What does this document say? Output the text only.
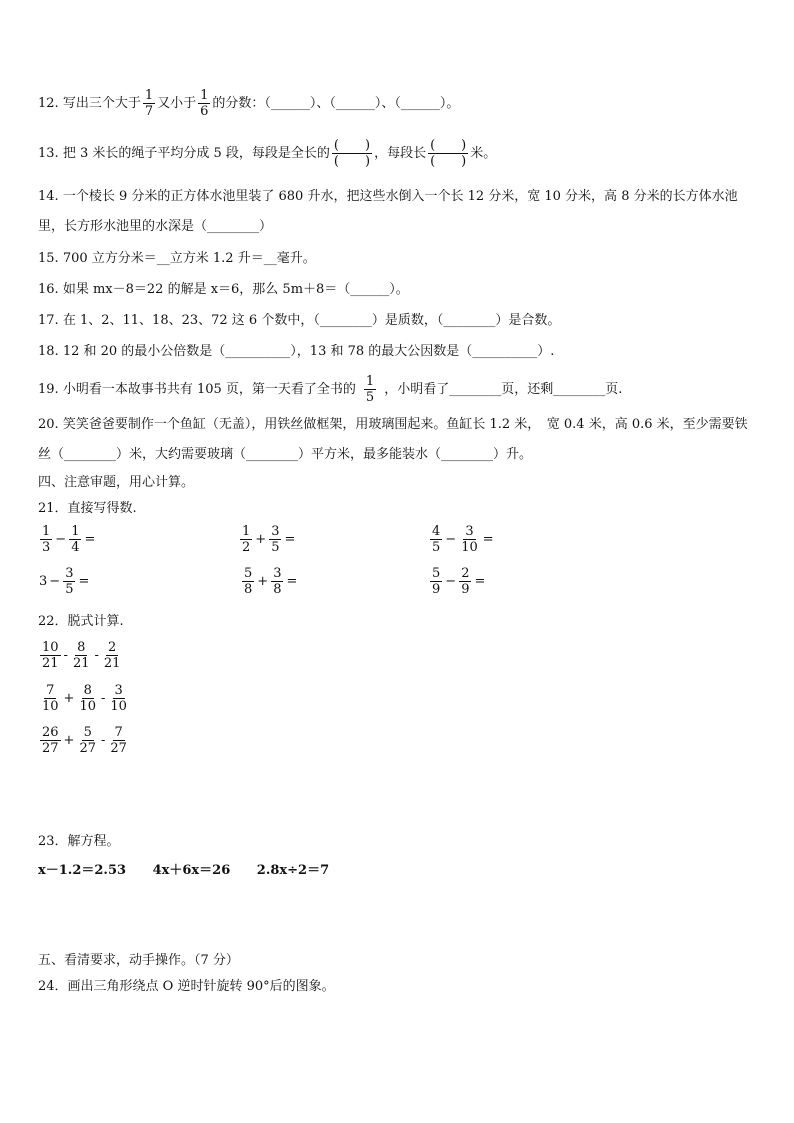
12. 写出三个大于 $\frac{1}{7}$ 又小于 $\frac{1}{6}$ 的分数：（______）、（______）、（______）。
13. 把 3 米长的绳子平均分成 5 段，每段是全长的 $\frac{( )}{( )}$ ，每段长 $\frac{( )}{( )}$ 米。
14. 一个棱长 9 分米的正方体水池里装了 680 升水，把这些水倒入一个长 12 分米，宽 10 分米，高 8 分米的长方体水池里，长方形水池里的水深是（________）
15. 700 立方分米＝__立方米 1.2 升＝__毫升。
16. 如果 mx－8＝22 的解是 x＝6，那么 5m＋8＝（______）。
17. 在 1、2、11、18、23、72 这 6 个数中，（________）是质数，（________）是合数。
18. 12 和 20 的最小公倍数是（__________），13 和 78 的最大公因数是（__________）.
19. 小明看一本故事书共有 105 页，第一天看了全书的 $\frac{1}{5}$ ，小明看了________页，还剩________页.
20. 笑笑爸爸要制作一个鱼缸（无盖），用铁丝做框架，用玻璃围起来。鱼缸长 1.2 米，　宽 0.4 米，高 0.6 米，至少需要铁丝（________）米，大约需要玻璃（________）平方米，最多能装水（________）升。
四、注意审题，用心计算。
21．直接写得数.
$\frac{1}{3} - \frac{1}{4}$ =	$\frac{1}{2} + \frac{3}{5}$ =	$\frac{4}{5} - \frac{3}{10}$ =
$3 - \frac{3}{5}$ =	$\frac{5}{8} + \frac{3}{8}$ =	$\frac{5}{9} - \frac{2}{9}$ =
22．脱式计算.
$\frac{10}{21} - \frac{8}{21} - \frac{2}{21}$
$\frac{7}{10} + \frac{8}{10} - \frac{3}{10}$
$\frac{26}{27} + \frac{5}{27} - \frac{7}{27}$
23．解方程。
x－1.2＝2.53 4x＋6x＝26 2.8x÷2＝7
五、看清要求，动手操作。（7 分）
24．画出三角形绕点 O 逆时针旋转 90°后的图象。
